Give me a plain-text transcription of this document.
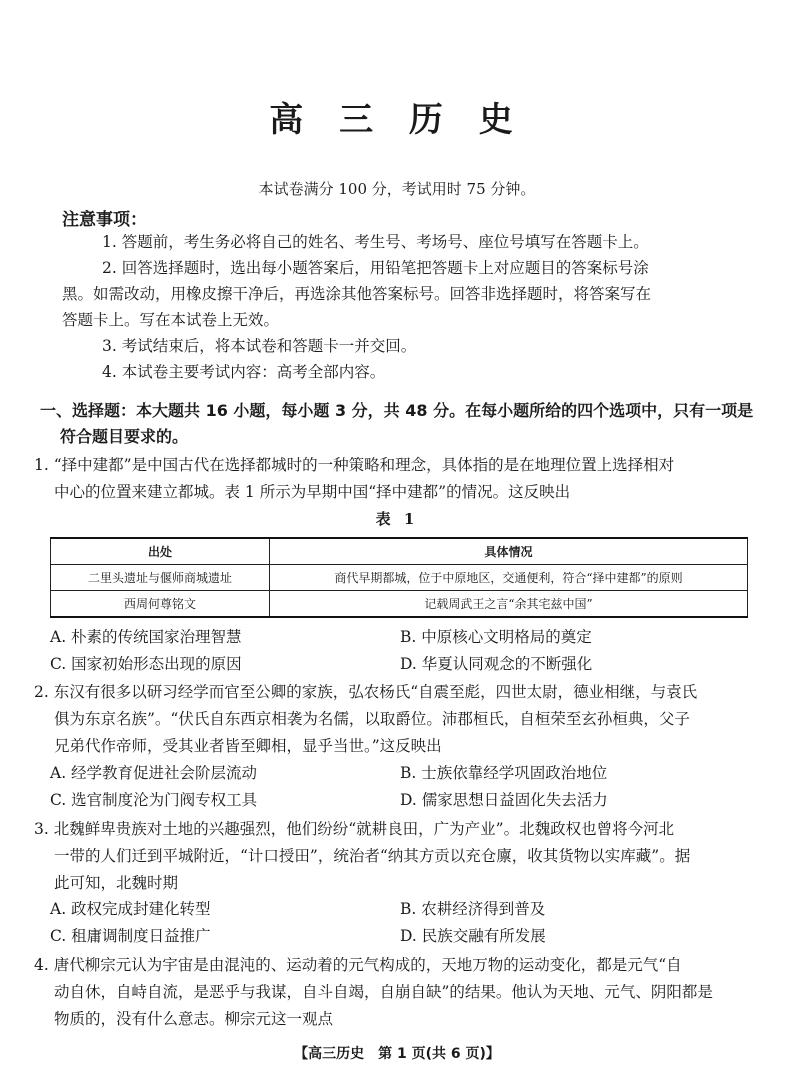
高 三 历 史
本试卷满分 100 分，考试用时 75 分钟。
注意事项：
1. 答题前，考生务必将自己的姓名、考生号、考场号、座位号填写在答题卡上。
2. 回答选择题时，选出每小题答案后，用铅笔把答题卡上对应题目的答案标号涂
黑。如需改动，用橡皮擦干净后，再选涂其他答案标号。回答非选择题时，将答案写在
答题卡上。写在本试卷上无效。
3. 考试结束后，将本试卷和答题卡一并交回。
4. 本试卷主要考试内容：高考全部内容。
一、选择题：本大题共 16 小题，每小题 3 分，共 48 分。在每小题所给的四个选项中，只有一项是
符合题目要求的。
1. “择中建都”是中国古代在选择都城时的一种策略和理念，具体指的是在地理位置上选择相对
中心的位置来建立都城。表 1 所示为早期中国“择中建都”的情况。这反映出
表 1
出处	具体情况
二里头遗址与偃师商城遗址	商代早期都城，位于中原地区，交通便利，符合“择中建都”的原则
西周何尊铭文	记载周武王之言“余其宅兹中国”
A. 朴素的传统国家治理智慧	B. 中原核心文明格局的奠定
C. 国家初始形态出现的原因	D. 华夏认同观念的不断强化
2. 东汉有很多以研习经学而官至公卿的家族，弘农杨氏“自震至彪，四世太尉，德业相继，与袁氏
俱为东京名族”。“伏氏自东西京相袭为名儒，以取爵位。沛郡桓氏，自桓荣至玄孙桓典，父子
兄弟代作帝师，受其业者皆至卿相，显乎当世。”这反映出
A. 经学教育促进社会阶层流动	B. 士族依靠经学巩固政治地位
C. 选官制度沦为门阀专权工具	D. 儒家思想日益固化失去活力
3. 北魏鲜卑贵族对土地的兴趣强烈，他们纷纷“就耕良田，广为产业”。北魏政权也曾将今河北
一带的人们迁到平城附近，“计口授田”，统治者“纳其方贡以充仓廪，收其货物以实库藏”。据
此可知，北魏时期
A. 政权完成封建化转型	B. 农耕经济得到普及
C. 租庸调制度日益推广	D. 民族交融有所发展
4. 唐代柳宗元认为宇宙是由混沌的、运动着的元气构成的，天地万物的运动变化，都是元气“自
动自休，自峙自流，是恶乎与我谋，自斗自竭，自崩自缺”的结果。他认为天地、元气、阴阳都是
物质的，没有什么意志。柳宗元这一观点
【高三历史　第 1 页(共 6 页)】
